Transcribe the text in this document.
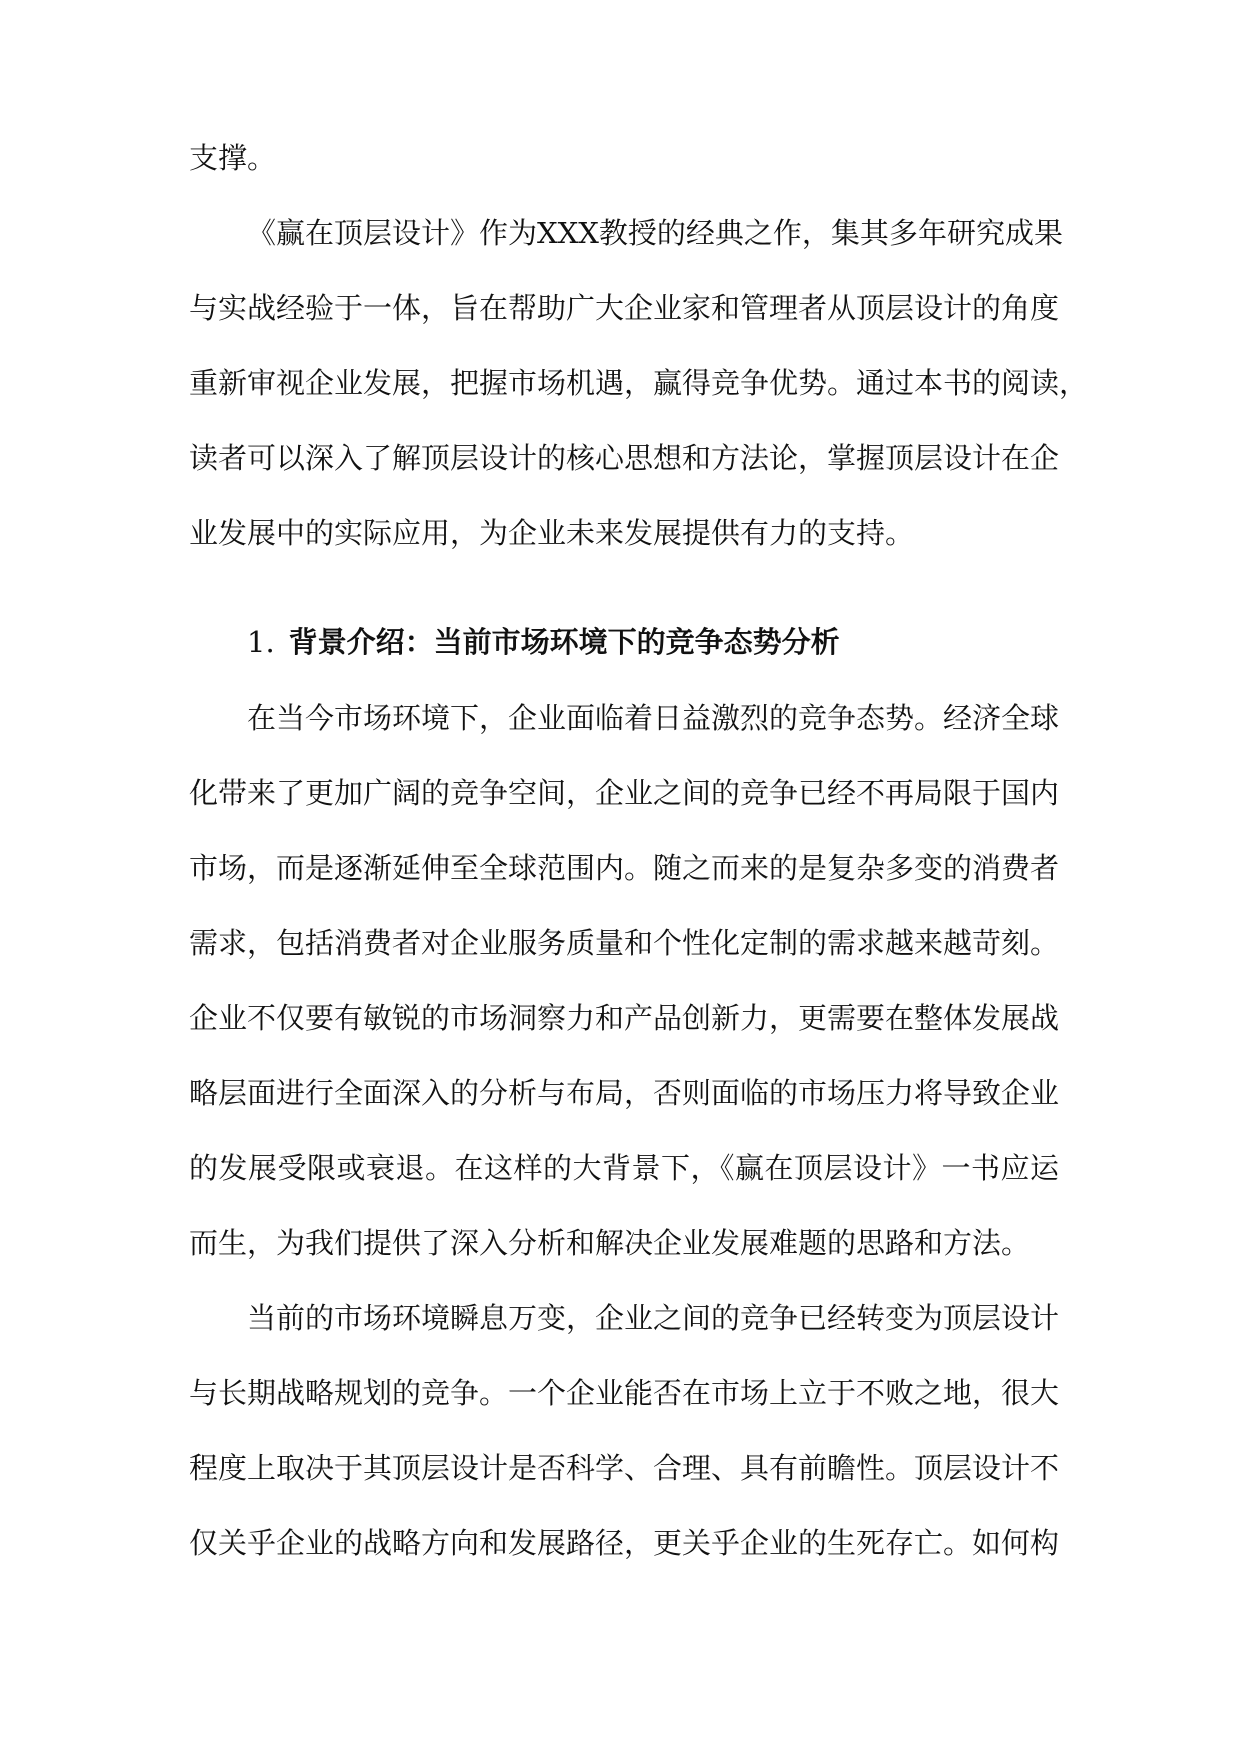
支撑。
《赢在顶层设计》作为XXX教授的经典之作，集其多年研究成果
与实战经验于一体，旨在帮助广大企业家和管理者从顶层设计的角度
重新审视企业发展，把握市场机遇，赢得竞争优势。通过本书的阅读，
读者可以深入了解顶层设计的核心思想和方法论，掌握顶层设计在企
业发展中的实际应用，为企业未来发展提供有力的支持。
1. 背景介绍：当前市场环境下的竞争态势分析
在当今市场环境下，企业面临着日益激烈的竞争态势。经济全球
化带来了更加广阔的竞争空间，企业之间的竞争已经不再局限于国内
市场，而是逐渐延伸至全球范围内。随之而来的是复杂多变的消费者
需求，包括消费者对企业服务质量和个性化定制的需求越来越苛刻。
企业不仅要有敏锐的市场洞察力和产品创新力，更需要在整体发展战
略层面进行全面深入的分析与布局，否则面临的市场压力将导致企业
的发展受限或衰退。在这样的大背景下，《赢在顶层设计》一书应运
而生，为我们提供了深入分析和解决企业发展难题的思路和方法。
当前的市场环境瞬息万变，企业之间的竞争已经转变为顶层设计
与长期战略规划的竞争。一个企业能否在市场上立于不败之地，很大
程度上取决于其顶层设计是否科学、合理、具有前瞻性。顶层设计不
仅关乎企业的战略方向和发展路径，更关乎企业的生死存亡。如何构
